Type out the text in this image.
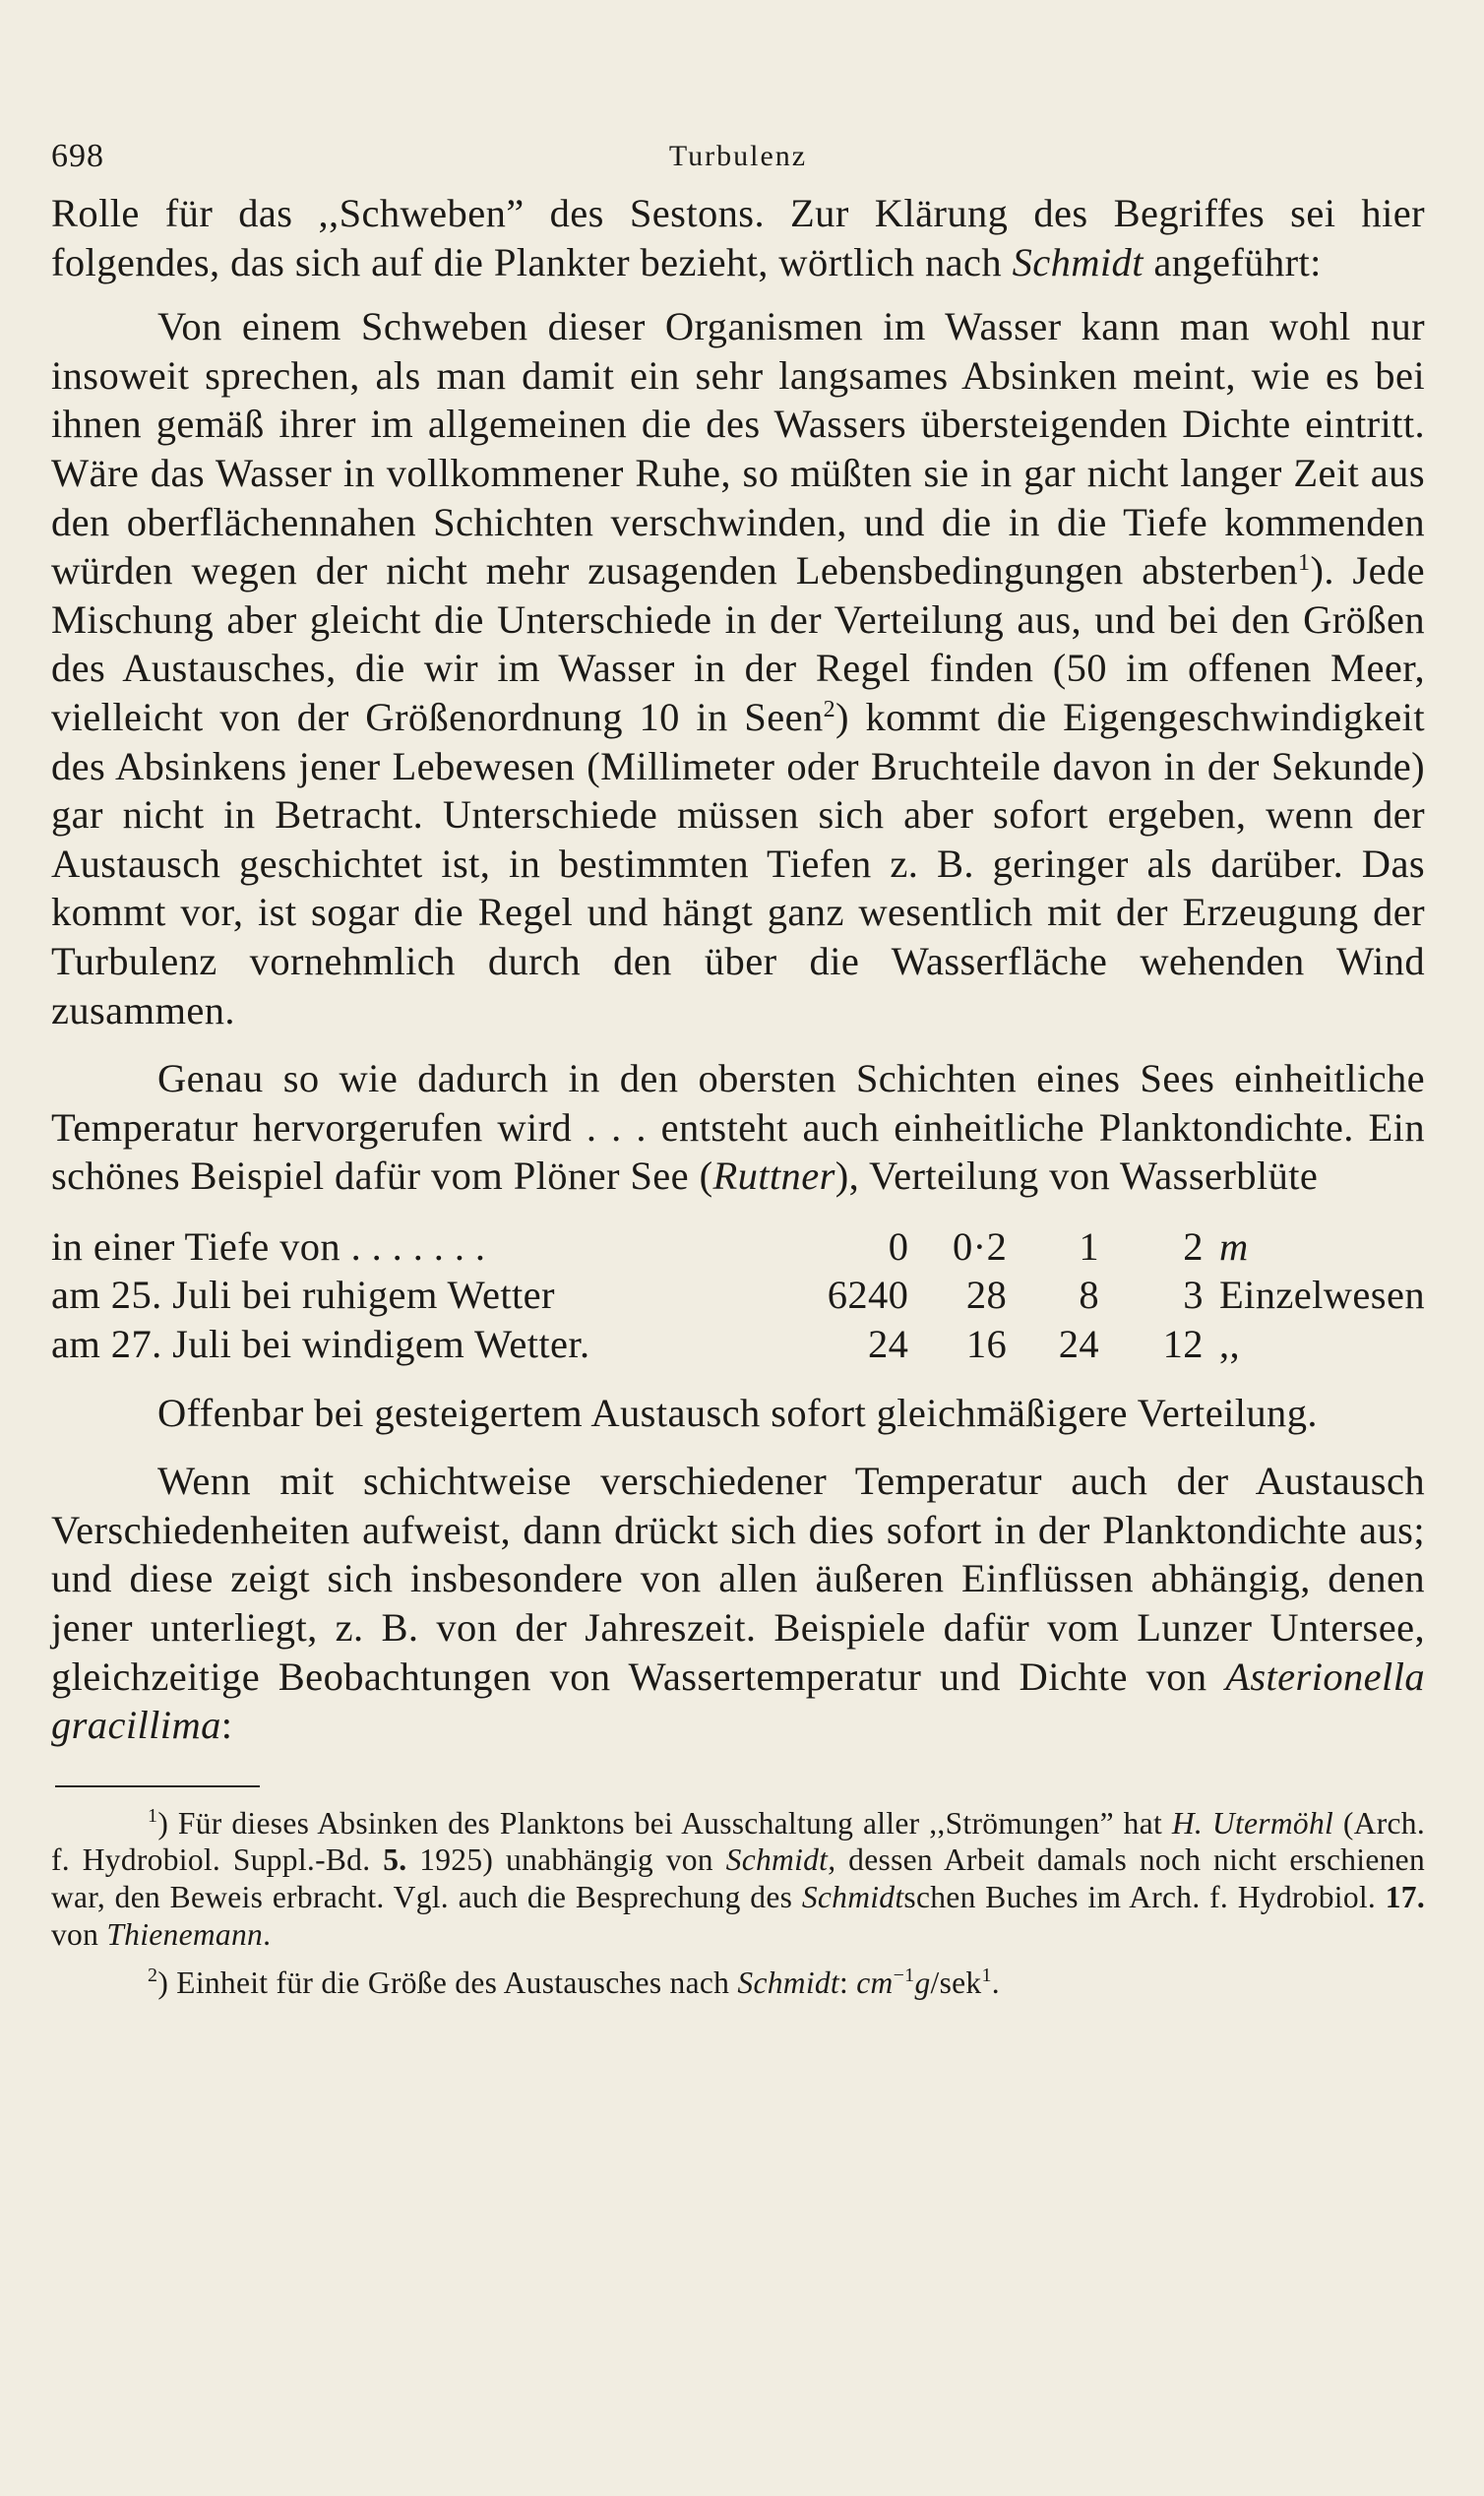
698	Turbulenz

Rolle für das ,,Schweben” des Sestons. Zur Klärung des Begriffes sei hier folgendes, das sich auf die Plankter bezieht, wörtlich nach Schmidt angeführt:

Von einem Schweben dieser Organismen im Wasser kann man wohl nur insoweit sprechen, als man damit ein sehr langsames Absinken meint, wie es bei ihnen gemäß ihrer im allgemeinen die des Wassers übersteigenden Dichte eintritt. Wäre das Wasser in vollkommener Ruhe, so müßten sie in gar nicht langer Zeit aus den oberflächennahen Schichten verschwinden, und die in die Tiefe kommenden würden wegen der nicht mehr zusagenden Lebensbedingungen absterben$^1$). Jede Mischung aber gleicht die Unterschiede in der Verteilung aus, und bei den Größen des Austausches, die wir im Wasser in der Regel finden (50 im offenen Meer, vielleicht von der Größenordnung 10 in Seen$^2$) kommt die Eigengeschwindigkeit des Absinkens jener Lebewesen (Millimeter oder Bruchteile davon in der Sekunde) gar nicht in Betracht. Unterschiede müssen sich aber sofort ergeben, wenn der Austausch geschichtet ist, in bestimmten Tiefen z. B. geringer als darüber. Das kommt vor, ist sogar die Regel und hängt ganz wesentlich mit der Erzeugung der Turbulenz vornehmlich durch den über die Wasserfläche wehenden Wind zusammen.

Genau so wie dadurch in den obersten Schichten eines Sees einheitliche Temperatur hervorgerufen wird . . . entsteht auch einheitliche Planktondichte. Ein schönes Beispiel dafür vom Plöner See (Ruttner), Verteilung von Wasserblüte

in einer Tiefe von . . . . . . .	0	0·2	1	2	m
am 25. Juli bei ruhigem Wetter	6240	28	8	3	Einzelwesen
am 27. Juli bei windigem Wetter.	24	16	24	12	,,

Offenbar bei gesteigertem Austausch sofort gleichmäßigere Verteilung.

Wenn mit schichtweise verschiedener Temperatur auch der Austausch Verschiedenheiten aufweist, dann drückt sich dies sofort in der Planktondichte aus; und diese zeigt sich insbesondere von allen äußeren Einflüssen abhängig, denen jener unterliegt, z. B. von der Jahreszeit. Beispiele dafür vom Lunzer Untersee, gleichzeitige Beobachtungen von Wassertemperatur und Dichte von Asterionella gracillima:

$^1$) Für dieses Absinken des Planktons bei Ausschaltung aller ,,Strömungen” hat H. Utermöhl (Arch. f. Hydrobiol. Suppl.-Bd. 5. 1925) unabhängig von Schmidt, dessen Arbeit damals noch nicht erschienen war, den Beweis erbracht. Vgl. auch die Besprechung des Schmidtschen Buches im Arch. f. Hydrobiol. 17. von Thienemann.

$^2$) Einheit für die Größe des Austausches nach Schmidt: cm$^{-1}$g/sek$^1$.
